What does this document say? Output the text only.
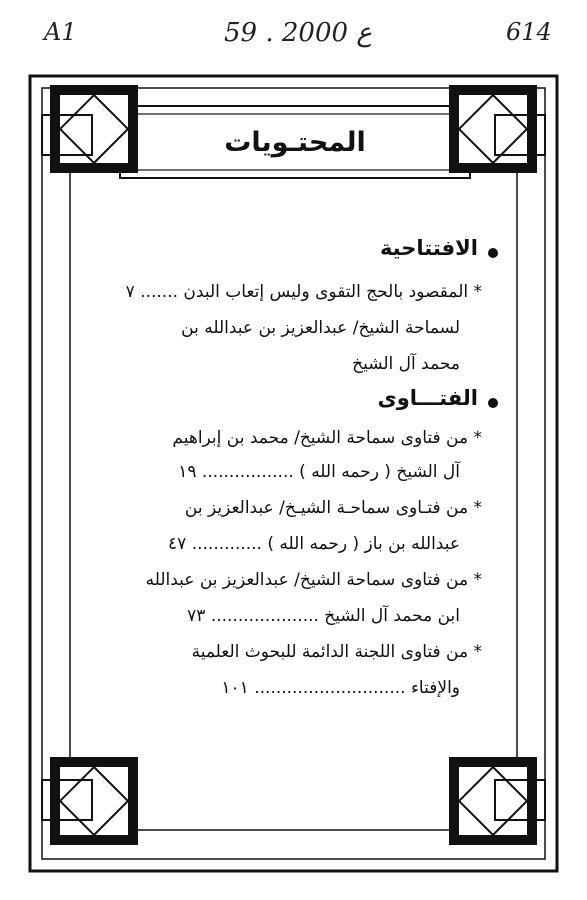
A1	59 . ع 2000	614
المحتـويات
الافتتاحية
* المقصود بالحج التقوى وليس إتعاب البدن ....... ٧
لسماحة الشيخ/ عبدالعزيز بن عبدالله بن
محمد آل الشيخ
الفتـــاوى
* من فتاوى سماحة الشيخ/ محمد بن إبراهيم
آل الشيخ ( رحمه الله ) ................. ١٩
* من فتـاوى سماحـة الشيـخ/ عبدالعزيز بن
عبدالله بن باز ( رحمه الله ) ............. ٤٧
* من فتاوى سماحة الشيخ/ عبدالعزيز بن عبدالله
ابن محمد آل الشيخ .................... ٧٣
* من فتاوى اللجنة الدائمة للبحوث العلمية
والإفتاء ............................ ١٠١
